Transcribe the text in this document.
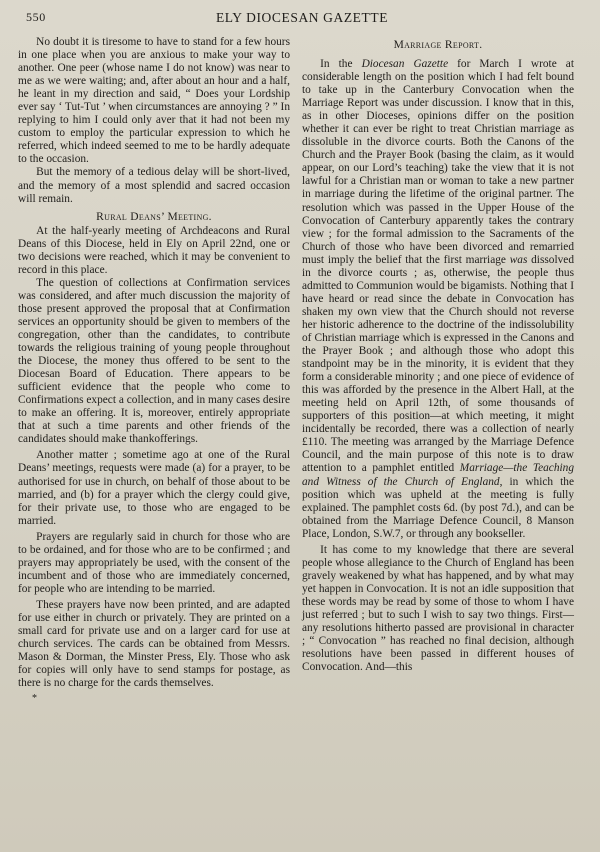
550	ELY DIOCESAN GAZETTE

No doubt it is tiresome to have to stand for a few hours in one place when you are anxious to make your way to another. One peer (whose name I do not know) was near to me as we were waiting; and, after about an hour and a half, he leant in my direction and said, “ Does your Lordship ever say ‘ Tut-Tut ’ when circumstances are annoying ? ” In replying to him I could only aver that it had not been my custom to employ the particular expression to which he referred, which indeed seemed to me to be hardly adequate to the occasion.

But the memory of a tedious delay will be short-lived, and the memory of a most splendid and sacred occasion will remain.

Rural Deans’ Meeting.

At the half-yearly meeting of Archdeacons and Rural Deans of this Diocese, held in Ely on April 22nd, one or two decisions were reached, which it may be convenient to record in this place.

The question of collections at Confirmation services was considered, and after much discussion the majority of those present approved the proposal that at Confirmation services an opportunity should be given to members of the congregation, other than the candidates, to contribute towards the religious training of young people throughout the Diocese, the money thus offered to be sent to the Diocesan Board of Education. There appears to be sufficient evidence that the people who come to Confirmations expect a collection, and in many cases desire to make an offering. It is, moreover, entirely appropriate that at such a time parents and other friends of the candidates should make thankofferings.

Another matter ; sometime ago at one of the Rural Deans’ meetings, requests were made (a) for a prayer, to be authorised for use in church, on behalf of those about to be married, and (b) for a prayer which the clergy could give, for their private use, to those who are engaged to be married.

Prayers are regularly said in church for those who are to be ordained, and for those who are to be confirmed ; and prayers may appropriately be used, with the consent of the incumbent and of those who are immediately concerned, for people who are intending to be married.

These prayers have now been printed, and are adapted for use either in church or privately. They are printed on a small card for private use and on a larger card for use at church services. The cards can be obtained from Messrs. Mason & Dorman, the Minster Press, Ely. Those who ask for copies will only have to send stamps for postage, as there is no charge for the cards themselves.

*
Marriage Report.

In the Diocesan Gazette for March I wrote at considerable length on the position which I had felt bound to take up in the Canterbury Convocation when the Marriage Report was under discussion. I know that in this, as in other Dioceses, opinions differ on the position whether it can ever be right to treat Christian marriage as dissoluble in the divorce courts. Both the Canons of the Church and the Prayer Book (basing the claim, as it would appear, on our Lord’s teaching) take the view that it is not lawful for a Christian man or woman to take a new partner in marriage during the lifetime of the original partner. The resolution which was passed in the Upper House of the Convocation of Canterbury apparently takes the contrary view ; for the formal admission to the Sacraments of the Church of those who have been divorced and remarried must imply the belief that the first marriage was dissolved in the divorce courts ; as, otherwise, the people thus admitted to Communion would be bigamists. Nothing that I have heard or read since the debate in Convocation has shaken my own view that the Church should not reverse her historic adherence to the doctrine of the indissolubility of Christian marriage which is expressed in the Canons and the Prayer Book ; and although those who adopt this standpoint may be in the minority, it is evident that they form a considerable minority ; and one piece of evidence of this was afforded by the presence in the Albert Hall, at the meeting held on April 12th, of some thousands of supporters of this position—at which meeting, it might incidentally be recorded, there was a collection of nearly £110. The meeting was arranged by the Marriage Defence Council, and the main purpose of this note is to draw attention to a pamphlet entitled Marriage—the Teaching and Witness of the Church of England, in which the position which was upheld at the meeting is fully explained. The pamphlet costs 6d. (by post 7d.), and can be obtained from the Marriage Defence Council, 8 Manson Place, London, S.W.7, or through any bookseller.

It has come to my knowledge that there are several people whose allegiance to the Church of England has been gravely weakened by what has happened, and by what may yet happen in Convocation. It is not an idle supposition that these words may be read by some of those to whom I have just referred ; but to such I wish to say two things. First—any resolutions hitherto passed are provisional in character ; “ Convocation ” has reached no final decision, although resolutions have been passed in different houses of Convocation. And—this
